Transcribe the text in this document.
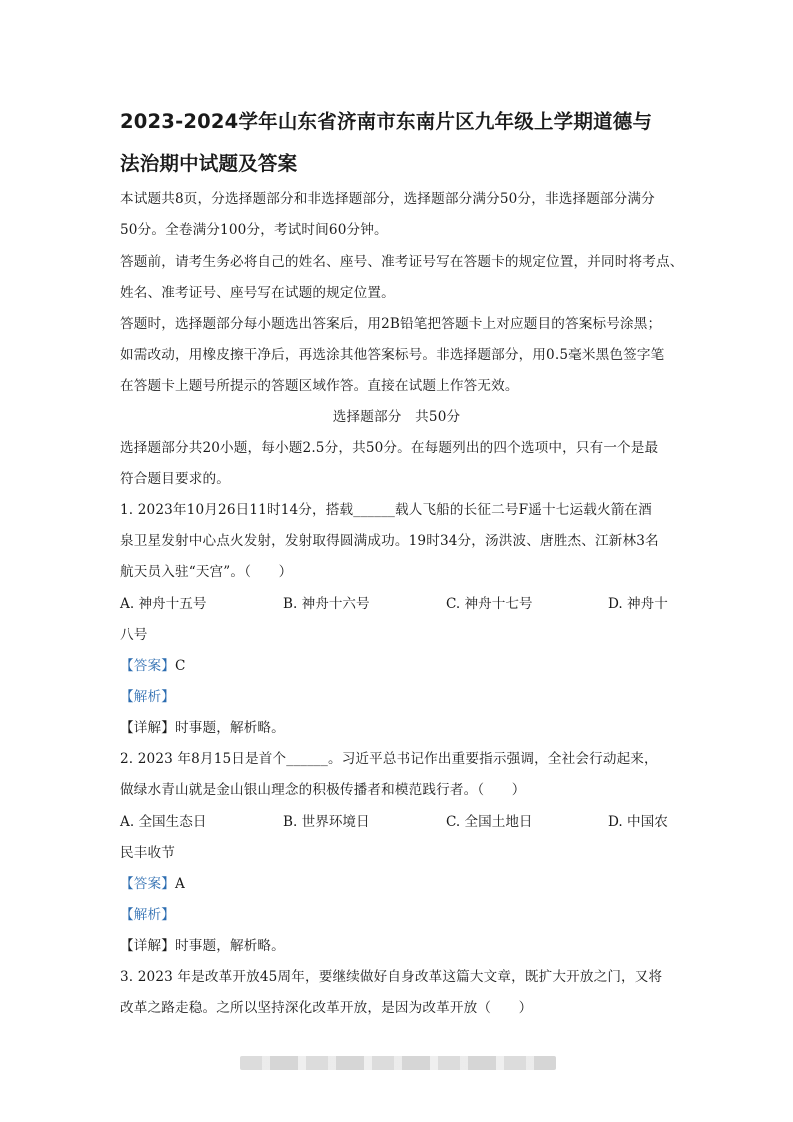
2023-2024学年山东省济南市东南片区九年级上学期道德与
法治期中试题及答案
本试题共8页，分选择题部分和非选择题部分，选择题部分满分50分，非选择题部分满分
50分。全卷满分100分，考试时间60分钟。
答题前，请考生务必将自己的姓名、座号、准考证号写在答题卡的规定位置，并同时将考点、
姓名、准考证号、座号写在试题的规定位置。
答题时，选择题部分每小题选出答案后，用2B铅笔把答题卡上对应题目的答案标号涂黑；
如需改动，用橡皮擦干净后，再选涂其他答案标号。非选择题部分，用0.5毫米黑色签字笔
在答题卡上题号所提示的答题区域作答。直接在试题上作答无效。
选择题部分　共50分
选择题部分共20小题，每小题2.5分，共50分。在每题列出的四个选项中，只有一个是最
符合题目要求的。
1. 2023年10月26日11时14分，搭载______载人飞船的长征二号F遥十七运载火箭在酒
泉卫星发射中心点火发射，发射取得圆满成功。19时34分，汤洪波、唐胜杰、江新林3名
航天员入驻“天宫”。（　　）
A. 神舟十五号	B. 神舟十六号	C. 神舟十七号	D. 神舟十
八号
【答案】C
【解析】
【详解】时事题，解析略。
2. 2023 年8月15日是首个______。习近平总书记作出重要指示强调，全社会行动起来，
做绿水青山就是金山银山理念的积极传播者和模范践行者。（　　）
A. 全国生态日	B. 世界环境日	C. 全国土地日	D. 中国农
民丰收节
【答案】A
【解析】
【详解】时事题，解析略。
3. 2023 年是改革开放45周年，要继续做好自身改革这篇大文章，既扩大开放之门，又将
改革之路走稳。之所以坚持深化改革开放，是因为改革开放（　　）
